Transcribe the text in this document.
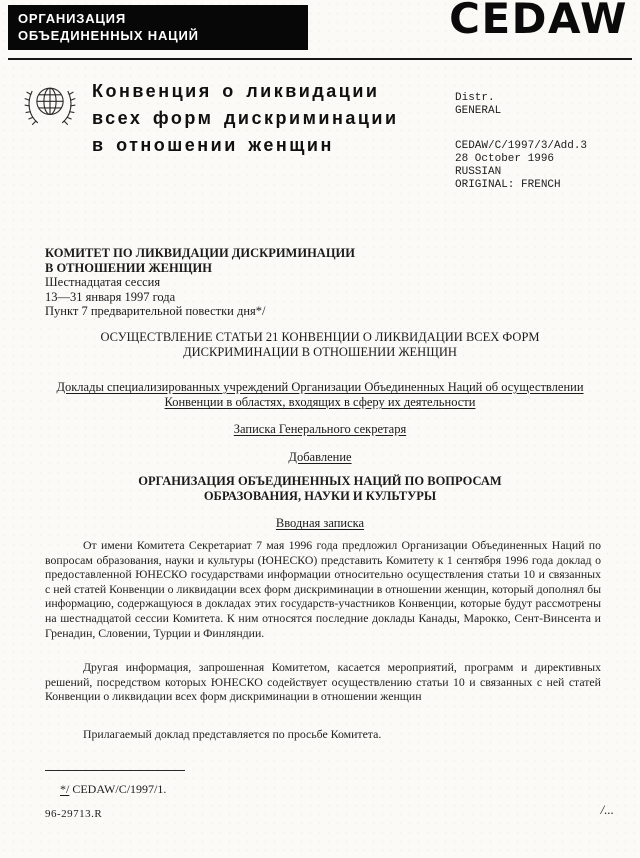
ОРГАНИЗАЦИЯ
ОБЪЕДИНЕННЫХ НАЦИЙ	CEDAW
Конвенция о ликвидации
всех форм дискриминации
в отношении женщин
Distr.
GENERAL
CEDAW/C/1997/3/Add.3
28 October 1996
RUSSIAN
ORIGINAL: FRENCH
КОМИТЕТ ПО ЛИКВИДАЦИИ ДИСКРИМИНАЦИИ
В ОТНОШЕНИИ ЖЕНЩИН
Шестнадцатая сессия
13—31 января 1997 года
Пункт 7 предварительной повестки дня*/
ОСУЩЕСТВЛЕНИЕ СТАТЬИ 21 КОНВЕНЦИИ О ЛИКВИДАЦИИ ВСЕХ ФОРМ
ДИСКРИМИНАЦИИ В ОТНОШЕНИИ ЖЕНЩИН
Доклады специализированных учреждений Организации Объединенных Наций об осуществлении
Конвенции в областях, входящих в сферу их деятельности
Записка Генерального секретаря
Добавление
ОРГАНИЗАЦИЯ ОБЪЕДИНЕННЫХ НАЦИЙ ПО ВОПРОСАМ
ОБРАЗОВАНИЯ, НАУКИ И КУЛЬТУРЫ
Вводная записка
От имени Комитета Секретариат 7 мая 1996 года предложил Организации Объединенных Наций по вопросам образования, науки и культуры (ЮНЕСКО) представить Комитету к 1 сентября 1996 года доклад о предоставленной ЮНЕСКО государствами информации относительно осуществления статьи 10 и связанных с ней статей Конвенции о ликвидации всех форм дискриминации в отношении женщин, который дополнял бы информацию, содержащуюся в докладах этих государств-участников Конвенции, которые будут рассмотрены на шестнадцатой сессии Комитета. К ним относятся последние доклады Канады, Марокко, Сент-Винсента и Гренадин, Словении, Турции и Финляндии.
Другая информация, запрошенная Комитетом, касается мероприятий, программ и директивных решений, посредством которых ЮНЕСКО содействует осуществлению статьи 10 и связанных с ней статей Конвенции о ликвидации всех форм дискриминации в отношении женщин
Прилагаемый доклад представляется по просьбе Комитета.
*/ CEDAW/C/1997/1.
96-29713.R	/...
